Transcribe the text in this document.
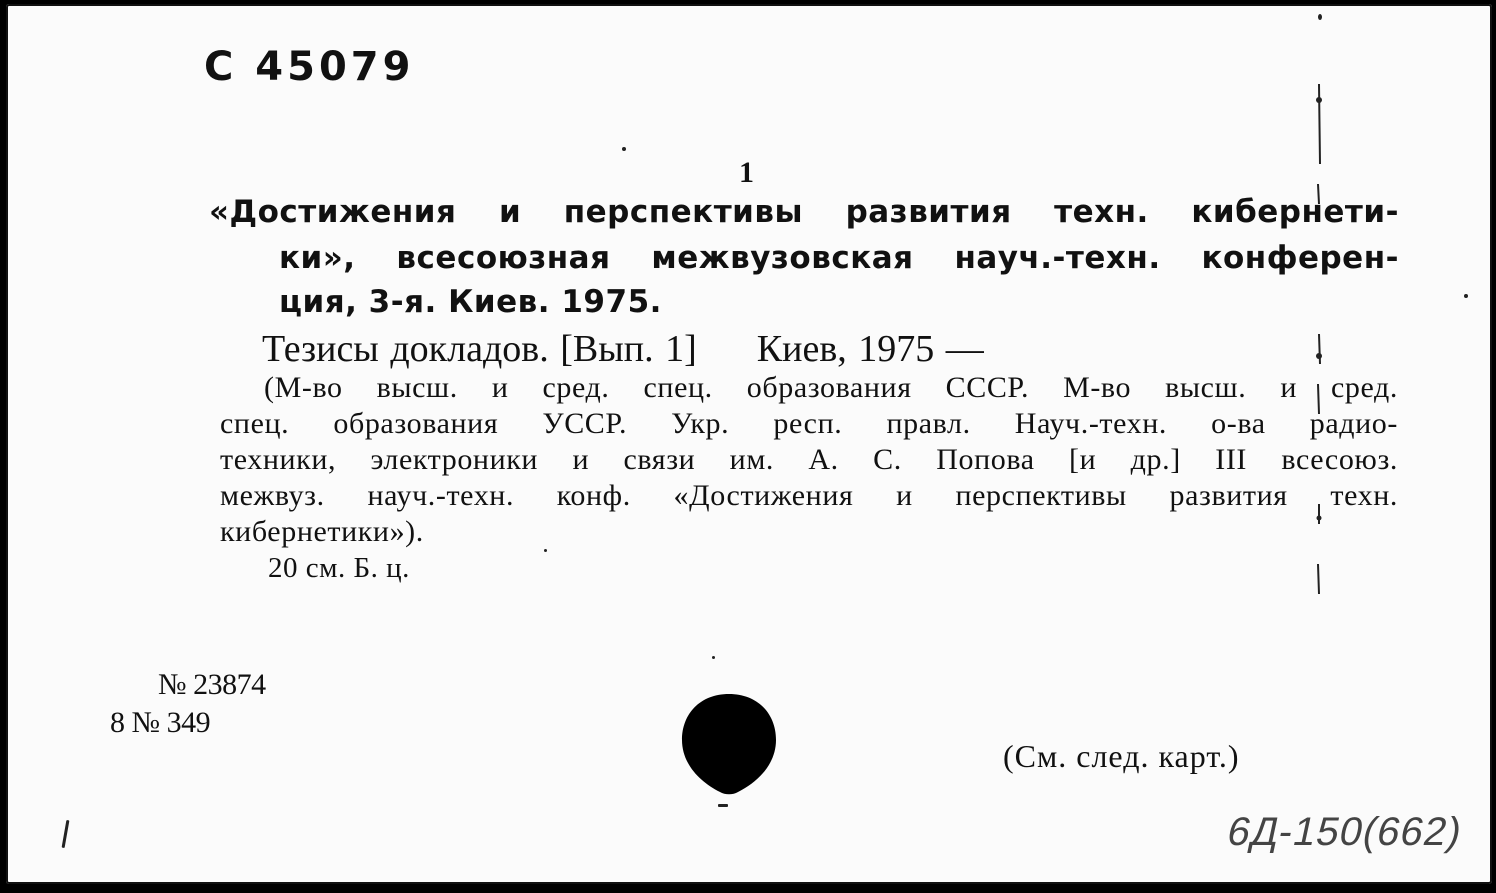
С 45079
1
«Достижения и перспективы развития техн. кибернети-
ки», всесоюзная межвузовская науч.-техн. конферен-
ция, 3-я. Киев. 1975.
Тезисы докладов. [Вып. 1] Киев, 1975 —
(М-во высш. и сред. спец. образования СССР. М-во высш. и сред.
спец. образования УССР. Укр. респ. правл. Науч.-техн. о-ва радио-
техники, электроники и связи им. А. С. Попова [и др.] III всесоюз.
межвуз. науч.-техн. конф. «Достижения и перспективы развития техн.
кибернетики»).
20 см. Б. ц.
№ 23874
8 № 349
(См. след. карт.)
6Д-150(662)
